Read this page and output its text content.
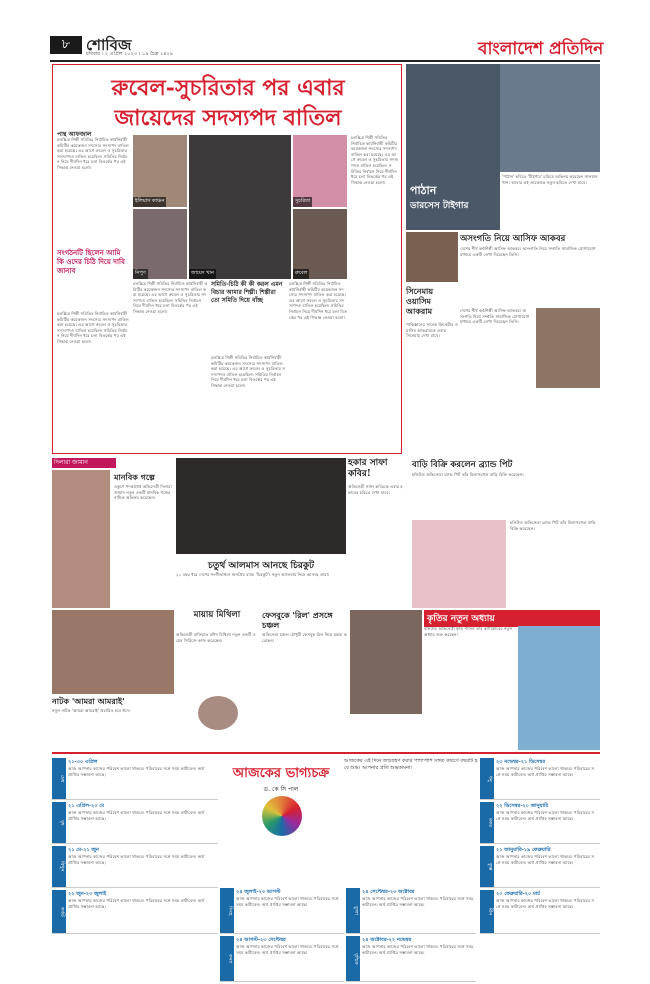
৮	শোবিজ
রবিবার । ২ এপ্রিল ২০২৩ । ১৯ চৈত্র ১৪২৯	বাংলাদেশ প্রতিদিন
রুবেল-সুচরিতার পর এবার
জায়েদের সদস্যপদ বাতিল
পান্থ আফজাল
চলচ্চিত্র শিল্পী সমিতির নির্বাচিত কার্যনির্বাহী কমিটির কয়েকজন সদস্যের সদস্যপদ বাতিল করা হয়েছে। এর আগে রুবেল ও সুচরিতার সদস্যপদও বাতিল হয়েছিল। সমিতির নির্বাচন নিয়ে দীর্ঘদিন ধরে চলা বিতর্কের পর এই সিদ্ধান্ত নেওয়া হলো।
সংগঠনটি ছিলেন আমি কি ওদের চিঠি দিয়ে দাবি জানাব
চলচ্চিত্র শিল্পী সমিতির নির্বাচিত কার্যনির্বাহী কমিটির কয়েকজন সদস্যের সদস্যপদ বাতিল করা হয়েছে। এর আগে রুবেল ও সুচরিতার সদস্যপদও বাতিল হয়েছিল। সমিতির নির্বাচন নিয়ে দীর্ঘদিন ধরে চলা বিতর্কের পর এই সিদ্ধান্ত নেওয়া হলো।
ইলিয়াস কাঞ্চন
নিপুণ	জায়েদ খান
সুচরিতা
রুবেল
চলচ্চিত্র শিল্পী সমিতির নির্বাচিত কার্যনির্বাহী কমিটির কয়েকজন সদস্যের সদস্যপদ বাতিল করা হয়েছে। এর আগে রুবেল ও সুচরিতার সদস্যপদও বাতিল হয়েছিল। সমিতির নির্বাচন নিয়ে দীর্ঘদিন ধরে চলা বিতর্কের পর এই সিদ্ধান্ত নেওয়া হলো।
সমিতি-চিঠি কী কী করল এমন বিচার আমার শিল্পী। শিল্পীরা তো সমিতি দিয়ে বাঁচ্ছ
চলচ্চিত্র শিল্পী সমিতির নির্বাচিত কার্যনির্বাহী কমিটির কয়েকজন সদস্যের সদস্যপদ বাতিল করা হয়েছে। এর আগে রুবেল ও সুচরিতার সদস্যপদও বাতিল হয়েছিল। সমিতির নির্বাচন নিয়ে দীর্ঘদিন ধরে চলা বিতর্কের পর এই সিদ্ধান্ত নেওয়া হলো।
চলচ্চিত্র শিল্পী সমিতির নির্বাচিত কার্যনির্বাহী কমিটির কয়েকজন সদস্যের সদস্যপদ বাতিল করা হয়েছে। এর আগে রুবেল ও সুচরিতার সদস্যপদও বাতিল হয়েছিল। সমিতির নির্বাচন নিয়ে দীর্ঘদিন ধরে চলা বিতর্কের পর এই সিদ্ধান্ত নেওয়া হলো।
চলচ্চিত্র শিল্পী সমিতির নির্বাচিত কার্যনির্বাহী কমিটির কয়েকজন সদস্যের সদস্যপদ বাতিল করা হয়েছে। এর আগে রুবেল ও সুচরিতার সদস্যপদও বাতিল হয়েছিল। সমিতির নির্বাচন নিয়ে দীর্ঘদিন ধরে চলা বিতর্কের পর এই সিদ্ধান্ত নেওয়া হলো।
পাঠান
ডারসেস টাইগার
'পাঠান' ছবিতে 'টাইগার' চরিত্রে অভিনয় করেছেন সালমান খান। আবার এই তারকাকে নতুন ছবিতে দেখা যাবে।
অসংগতি নিয়ে আসিফ আকবর
দেশের শীর্ষ কণ্ঠশিল্পী আসিফ আকবর। অসংগতি নিয়ে সম্প্রতি সামাজিক যোগাযোগমাধ্যমে একটি লেখা দিয়েছেন তিনি।
দেশের শীর্ষ কণ্ঠশিল্পী আসিফ আকবর। অসংগতি নিয়ে সম্প্রতি সামাজিক যোগাযোগমাধ্যমে একটি লেখা দিয়েছেন তিনি।
সিনেমায় ওয়াসিম আকরাম
পাকিস্তানের সাবেক ক্রিকেটার ওয়াসিম আকরামকে এবার সিনেমায় দেখা যাবে।
দিলারা জামান
মানবিক গল্পে
একুশে পদকপ্রাপ্ত অভিনেত্রী দিলারা জামান নতুন একটি মানবিক গল্পের নাটকে অভিনয় করেছেন।
চতুর্থ আলমাস আনছে চিরকুট
২১ বছর ধরে দেশের সংগীতাঙ্গনে জনপ্রিয় ব্যান্ড 'চিরকুট'। নতুন অ্যালবাম নিয়ে আসছে তারা।
হকার সাফা কবির!
অভিনেত্রী সাফা কবিরকে এবার হকারের চরিত্রে দেখা যাবে।
বাড়ি বিক্রি করলেন ব্র্যান্ড পিট
হলিউড অভিনেতা ব্র্যান্ড পিট তাঁর বিলাসবহুল বাড়ি বিক্রি করেছেন।
হলিউড অভিনেতা ব্র্যান্ড পিট তাঁর বিলাসবহুল বাড়ি বিক্রি করেছেন।
মায়ায় মিথিলা
অভিনেত্রী রাফিয়াত রশিদ মিথিলা নতুন একটি ওয়েব সিরিজে কাজ করেছেন।
নাটক 'আমরা আমরাই'
নতুন নাটক 'আমরা আমরাই' প্রচারিত হবে ঈদে।
ফেসবুকে 'রিল' প্রসঙ্গে চঞ্চল
অভিনেতা চঞ্চল চৌধুরী ফেসবুক রিল নিয়ে মন্তব্য করেছেন।
কৃতির নতুন অধ্যায়
বলিউড অভিনেত্রী কৃতি শ্যানন তাঁর ক্যারিয়ারের নতুন অধ্যায় শুরু করছেন।
আজকের ভাগ্যচক্র
ড. কে সি পাল
আজকের এই দিনে জন্মগ্রহণ করার পাশাপাশি সঙ্গত কারণে বছরটি হবে শুভ। আপনার প্রতি শুভকামনা।
মেষ
২১-৩০ এপ্রিল
আজ আপনার কাজের পরিবেশ ভালো থাকবে। পরিবারের সঙ্গে সময় কাটাবেন। অর্থ প্রাপ্তির সম্ভাবনা আছে।
বৃষ
২১ এপ্রিল-২০ মে
আজ আপনার কাজের পরিবেশ ভালো থাকবে। পরিবারের সঙ্গে সময় কাটাবেন। অর্থ প্রাপ্তির সম্ভাবনা আছে।
মিথুন
২১ মে-২১ জুন
আজ আপনার কাজের পরিবেশ ভালো থাকবে। পরিবারের সঙ্গে সময় কাটাবেন। অর্থ প্রাপ্তির সম্ভাবনা আছে।
কর্কট
২২ জুন-২৩ জুলাই
আজ আপনার কাজের পরিবেশ ভালো থাকবে। পরিবারের সঙ্গে সময় কাটাবেন। অর্থ প্রাপ্তির সম্ভাবনা আছে।	সিংহ
২৪ জুলাই-২৩ আগস্ট
আজ আপনার কাজের পরিবেশ ভালো থাকবে। পরিবারের সঙ্গে সময় কাটাবেন। অর্থ প্রাপ্তির সম্ভাবনা আছে।
কন্যা
২৪ আগস্ট-২৩ সেপ্টেম্বর
আজ আপনার কাজের পরিবেশ ভালো থাকবে। পরিবারের সঙ্গে সময় কাটাবেন। অর্থ প্রাপ্তির সম্ভাবনা আছে।
তুলা
২৪ সেপ্টেম্বর-২৩ অক্টোবর
আজ আপনার কাজের পরিবেশ ভালো থাকবে। পরিবারের সঙ্গে সময় কাটাবেন। অর্থ প্রাপ্তির সম্ভাবনা আছে।
বৃশ্চিক
২৪ অক্টোবর-২২ নভেম্বর
আজ আপনার কাজের পরিবেশ ভালো থাকবে। পরিবারের সঙ্গে সময় কাটাবেন। অর্থ প্রাপ্তির সম্ভাবনা আছে।
ধনু
২৩ নভেম্বর-২১ ডিসেম্বর
আজ আপনার কাজের পরিবেশ ভালো থাকবে। পরিবারের সঙ্গে সময় কাটাবেন। অর্থ প্রাপ্তির সম্ভাবনা আছে।
মকর
২২ ডিসেম্বর-২০ জানুয়ারি
আজ আপনার কাজের পরিবেশ ভালো থাকবে। পরিবারের সঙ্গে সময় কাটাবেন। অর্থ প্রাপ্তির সম্ভাবনা আছে।
কুম্ভ
২১ জানুয়ারি-১৯ ফেব্রুয়ারি
আজ আপনার কাজের পরিবেশ ভালো থাকবে। পরিবারের সঙ্গে সময় কাটাবেন। অর্থ প্রাপ্তির সম্ভাবনা আছে।
মীন
২০ ফেব্রুয়ারি-২০ মার্চ
আজ আপনার কাজের পরিবেশ ভালো থাকবে। পরিবারের সঙ্গে সময় কাটাবেন। অর্থ প্রাপ্তির সম্ভাবনা আছে।
